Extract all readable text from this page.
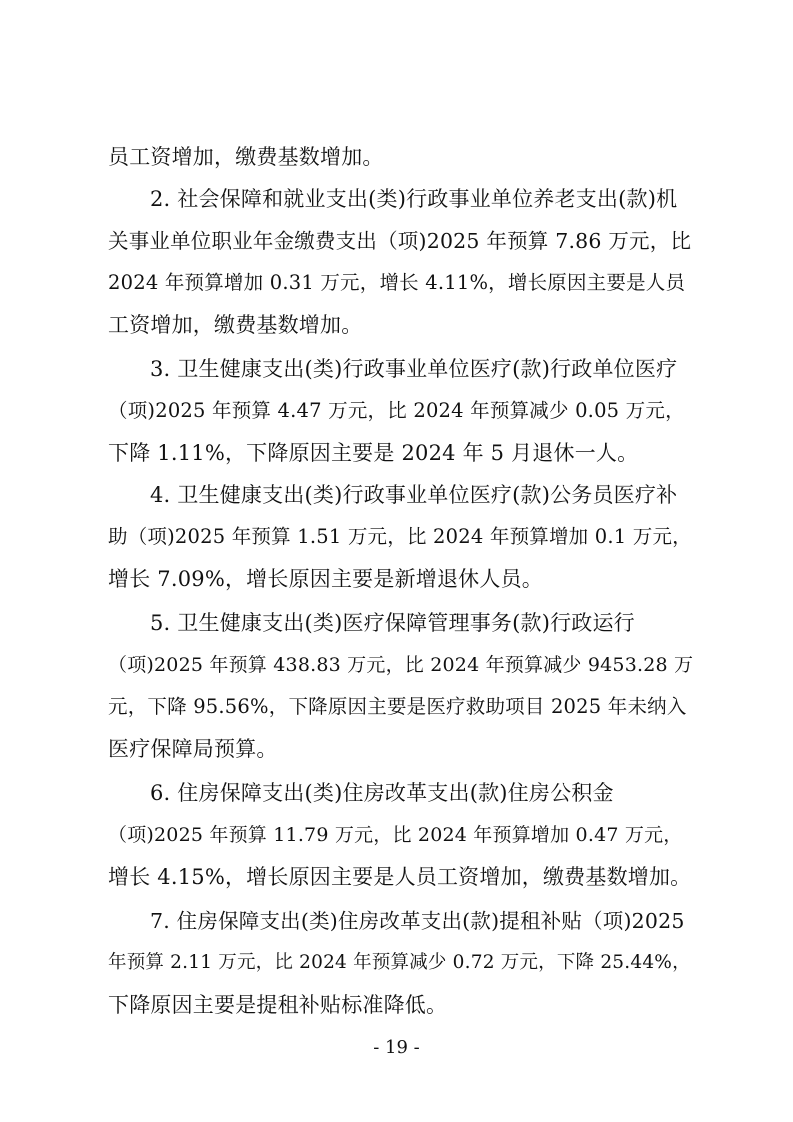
员工资增加，缴费基数增加。
2. 社会保障和就业支出(类)行政事业单位养老支出(款)机
关事业单位职业年金缴费支出（项)2025 年预算 7.86 万元，比
2024 年预算增加 0.31 万元，增长 4.11%，增长原因主要是人员
工资增加，缴费基数增加。
3. 卫生健康支出(类)行政事业单位医疗(款)行政单位医疗
（项)2025 年预算 4.47 万元，比 2024 年预算减少 0.05 万元，
下降 1.11%，下降原因主要是 2024 年 5 月退休一人。
4. 卫生健康支出(类)行政事业单位医疗(款)公务员医疗补
助（项)2025 年预算 1.51 万元，比 2024 年预算增加 0.1 万元，
增长 7.09%，增长原因主要是新增退休人员。
5. 卫生健康支出(类)医疗保障管理事务(款)行政运行
（项)2025 年预算 438.83 万元，比 2024 年预算减少 9453.28 万
元，下降 95.56%，下降原因主要是医疗救助项目 2025 年未纳入
医疗保障局预算。
6. 住房保障支出(类)住房改革支出(款)住房公积金
（项)2025 年预算 11.79 万元，比 2024 年预算增加 0.47 万元，
增长 4.15%，增长原因主要是人员工资增加，缴费基数增加。
7. 住房保障支出(类)住房改革支出(款)提租补贴（项)2025
年预算 2.11 万元，比 2024 年预算减少 0.72 万元，下降 25.44%，
下降原因主要是提租补贴标准降低。
- 19 -
